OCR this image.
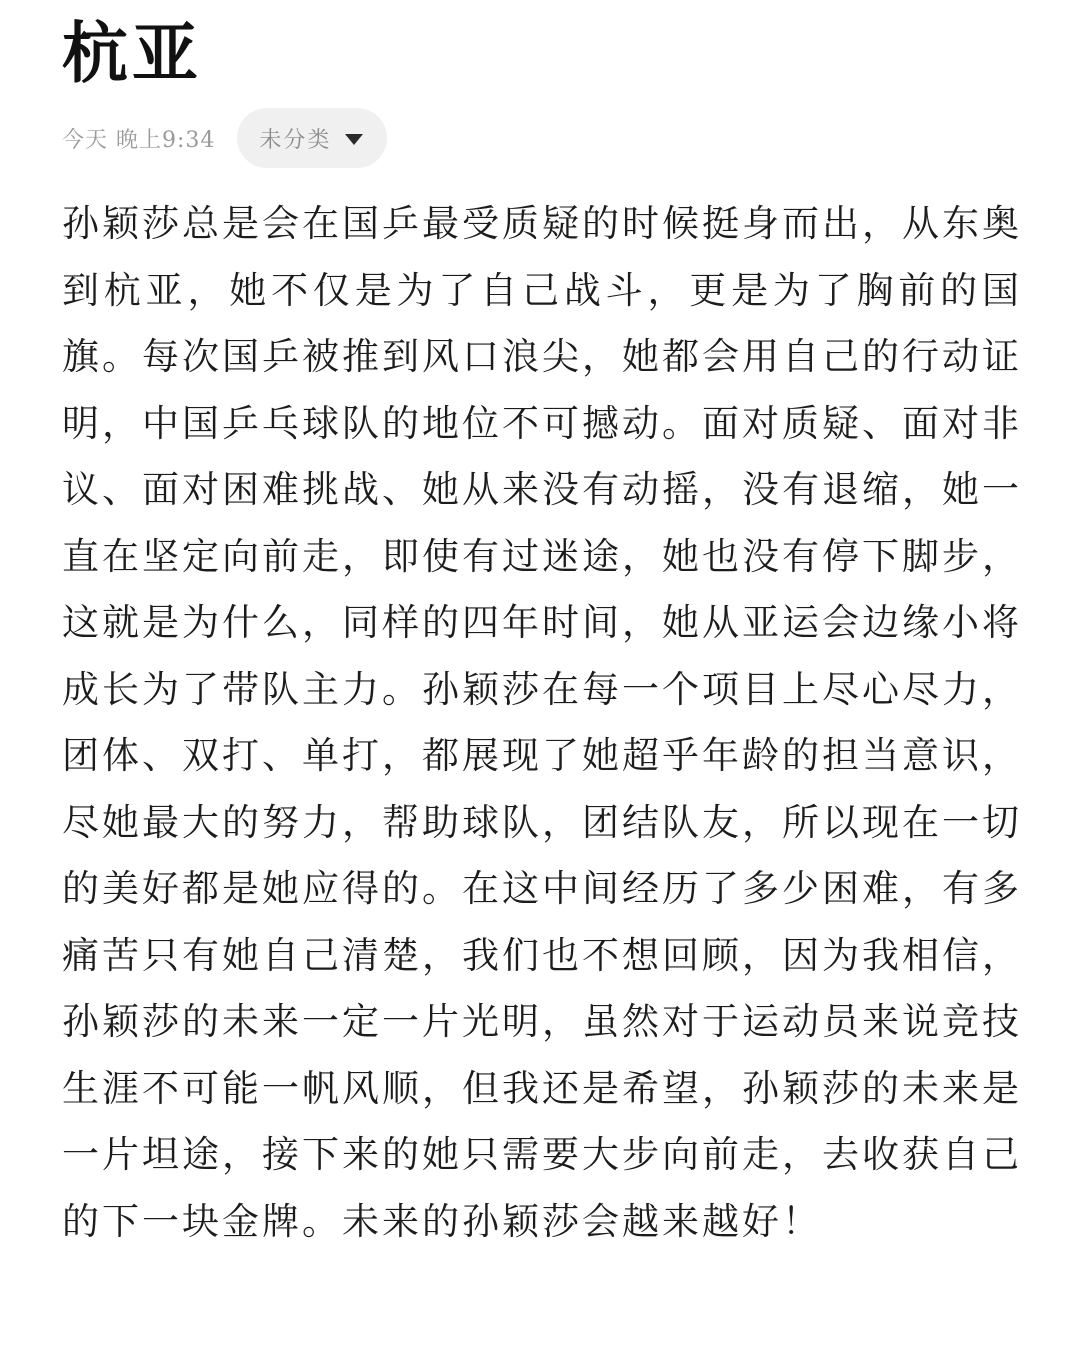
杭亚
今天 晚上9:34 未分类
孙颖莎总是会在国乒最受质疑的时候挺身而出，从东奥到杭亚，她不仅是为了自己战斗，更是为了胸前的国旗。每次国乒被推到风口浪尖，她都会用自己的行动证明，中国乒乓球队的地位不可撼动。面对质疑、面对非议、面对困难挑战、她从来没有动摇，没有退缩，她一直在坚定向前走，即使有过迷途，她也没有停下脚步，这就是为什么，同样的四年时间，她从亚运会边缘小将成长为了带队主力。孙颖莎在每一个项目上尽心尽力，团体、双打、单打，都展现了她超乎年龄的担当意识，尽她最大的努力，帮助球队，团结队友，所以现在一切的美好都是她应得的。在这中间经历了多少困难，有多痛苦只有她自己清楚，我们也不想回顾，因为我相信，孙颖莎的未来一定一片光明，虽然对于运动员来说竞技生涯不可能一帆风顺，但我还是希望，孙颖莎的未来是一片坦途，接下来的她只需要大步向前走，去收获自己的下一块金牌。未来的孙颖莎会越来越好！
